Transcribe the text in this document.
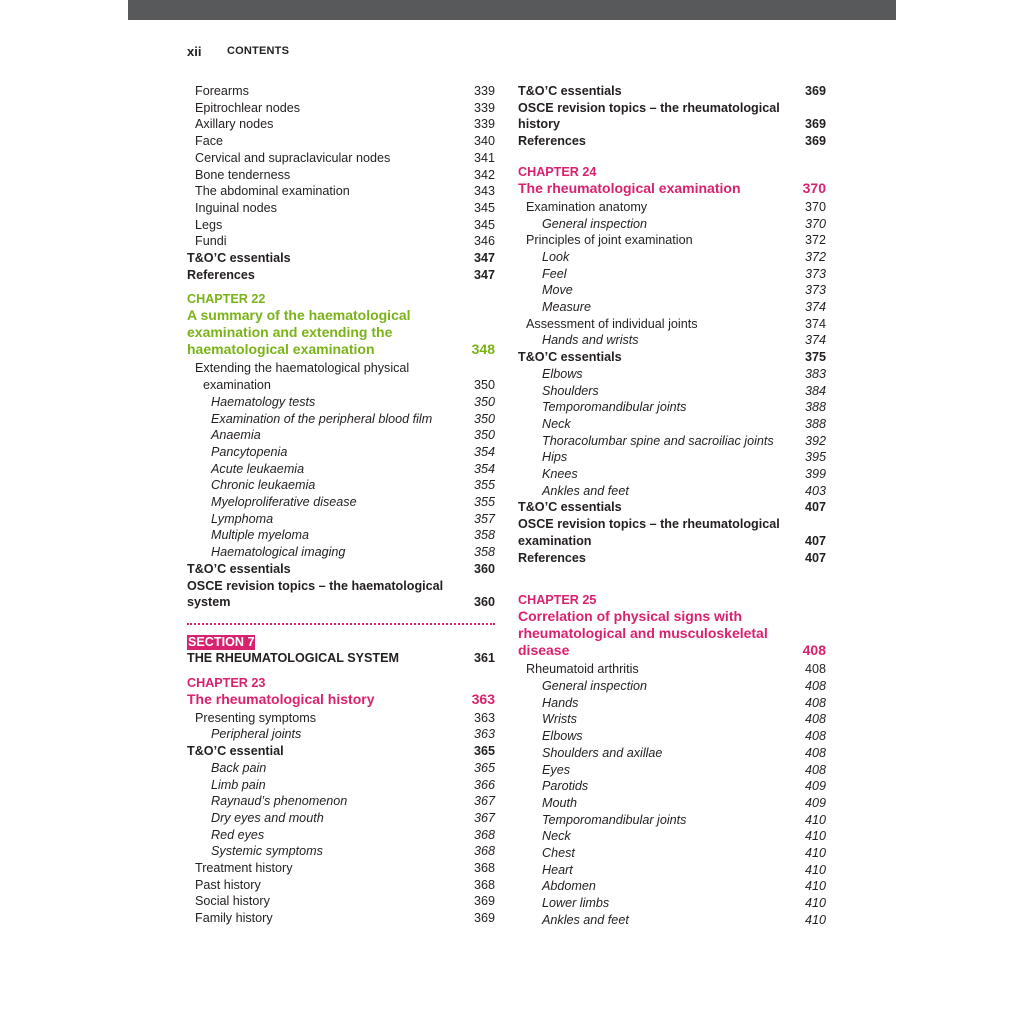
xii CONTENTS
Forearms	339
Epitrochlear nodes	339
Axillary nodes	339
Face	340
Cervical and supraclavicular nodes	341
Bone tenderness	342
The abdominal examination	343
Inguinal nodes	345
Legs	345
Fundi	346
T&O’C essentials	347
References	347
CHAPTER 22
A summary of the haematological examination and extending the haematological examination	348
Extending the haematological physical examination	350
Haematology tests	350
Examination of the peripheral blood film	350
Anaemia	350
Pancytopenia	354
Acute leukaemia	354
Chronic leukaemia	355
Myeloproliferative disease	355
Lymphoma	357
Multiple myeloma	358
Haematological imaging	358
T&O’C essentials	360
OSCE revision topics – the haematological system	360
SECTION 7
THE RHEUMATOLOGICAL SYSTEM	361
CHAPTER 23
The rheumatological history	363
Presenting symptoms	363
Peripheral joints	363
T&O’C essential	365
Back pain	365
Limb pain	366
Raynaud’s phenomenon	367
Dry eyes and mouth	367
Red eyes	368
Systemic symptoms	368
Treatment history	368
Past history	368
Social history	369
Family history	369
T&O’C essentials	369
OSCE revision topics – the rheumatological history	369
References	369
CHAPTER 24
The rheumatological examination	370
Examination anatomy	370
General inspection	370
Principles of joint examination	372
Look	372
Feel	373
Move	373
Measure	374
Assessment of individual joints	374
Hands and wrists	374
T&O’C essentials	375
Elbows	383
Shoulders	384
Temporomandibular joints	388
Neck	388
Thoracolumbar spine and sacroiliac joints	392
Hips	395
Knees	399
Ankles and feet	403
T&O’C essentials	407
OSCE revision topics – the rheumatological examination	407
References	407
CHAPTER 25
Correlation of physical signs with rheumatological and musculoskeletal disease	408
Rheumatoid arthritis	408
General inspection	408
Hands	408
Wrists	408
Elbows	408
Shoulders and axillae	408
Eyes	408
Parotids	409
Mouth	409
Temporomandibular joints	410
Neck	410
Chest	410
Heart	410
Abdomen	410
Lower limbs	410
Ankles and feet	410
